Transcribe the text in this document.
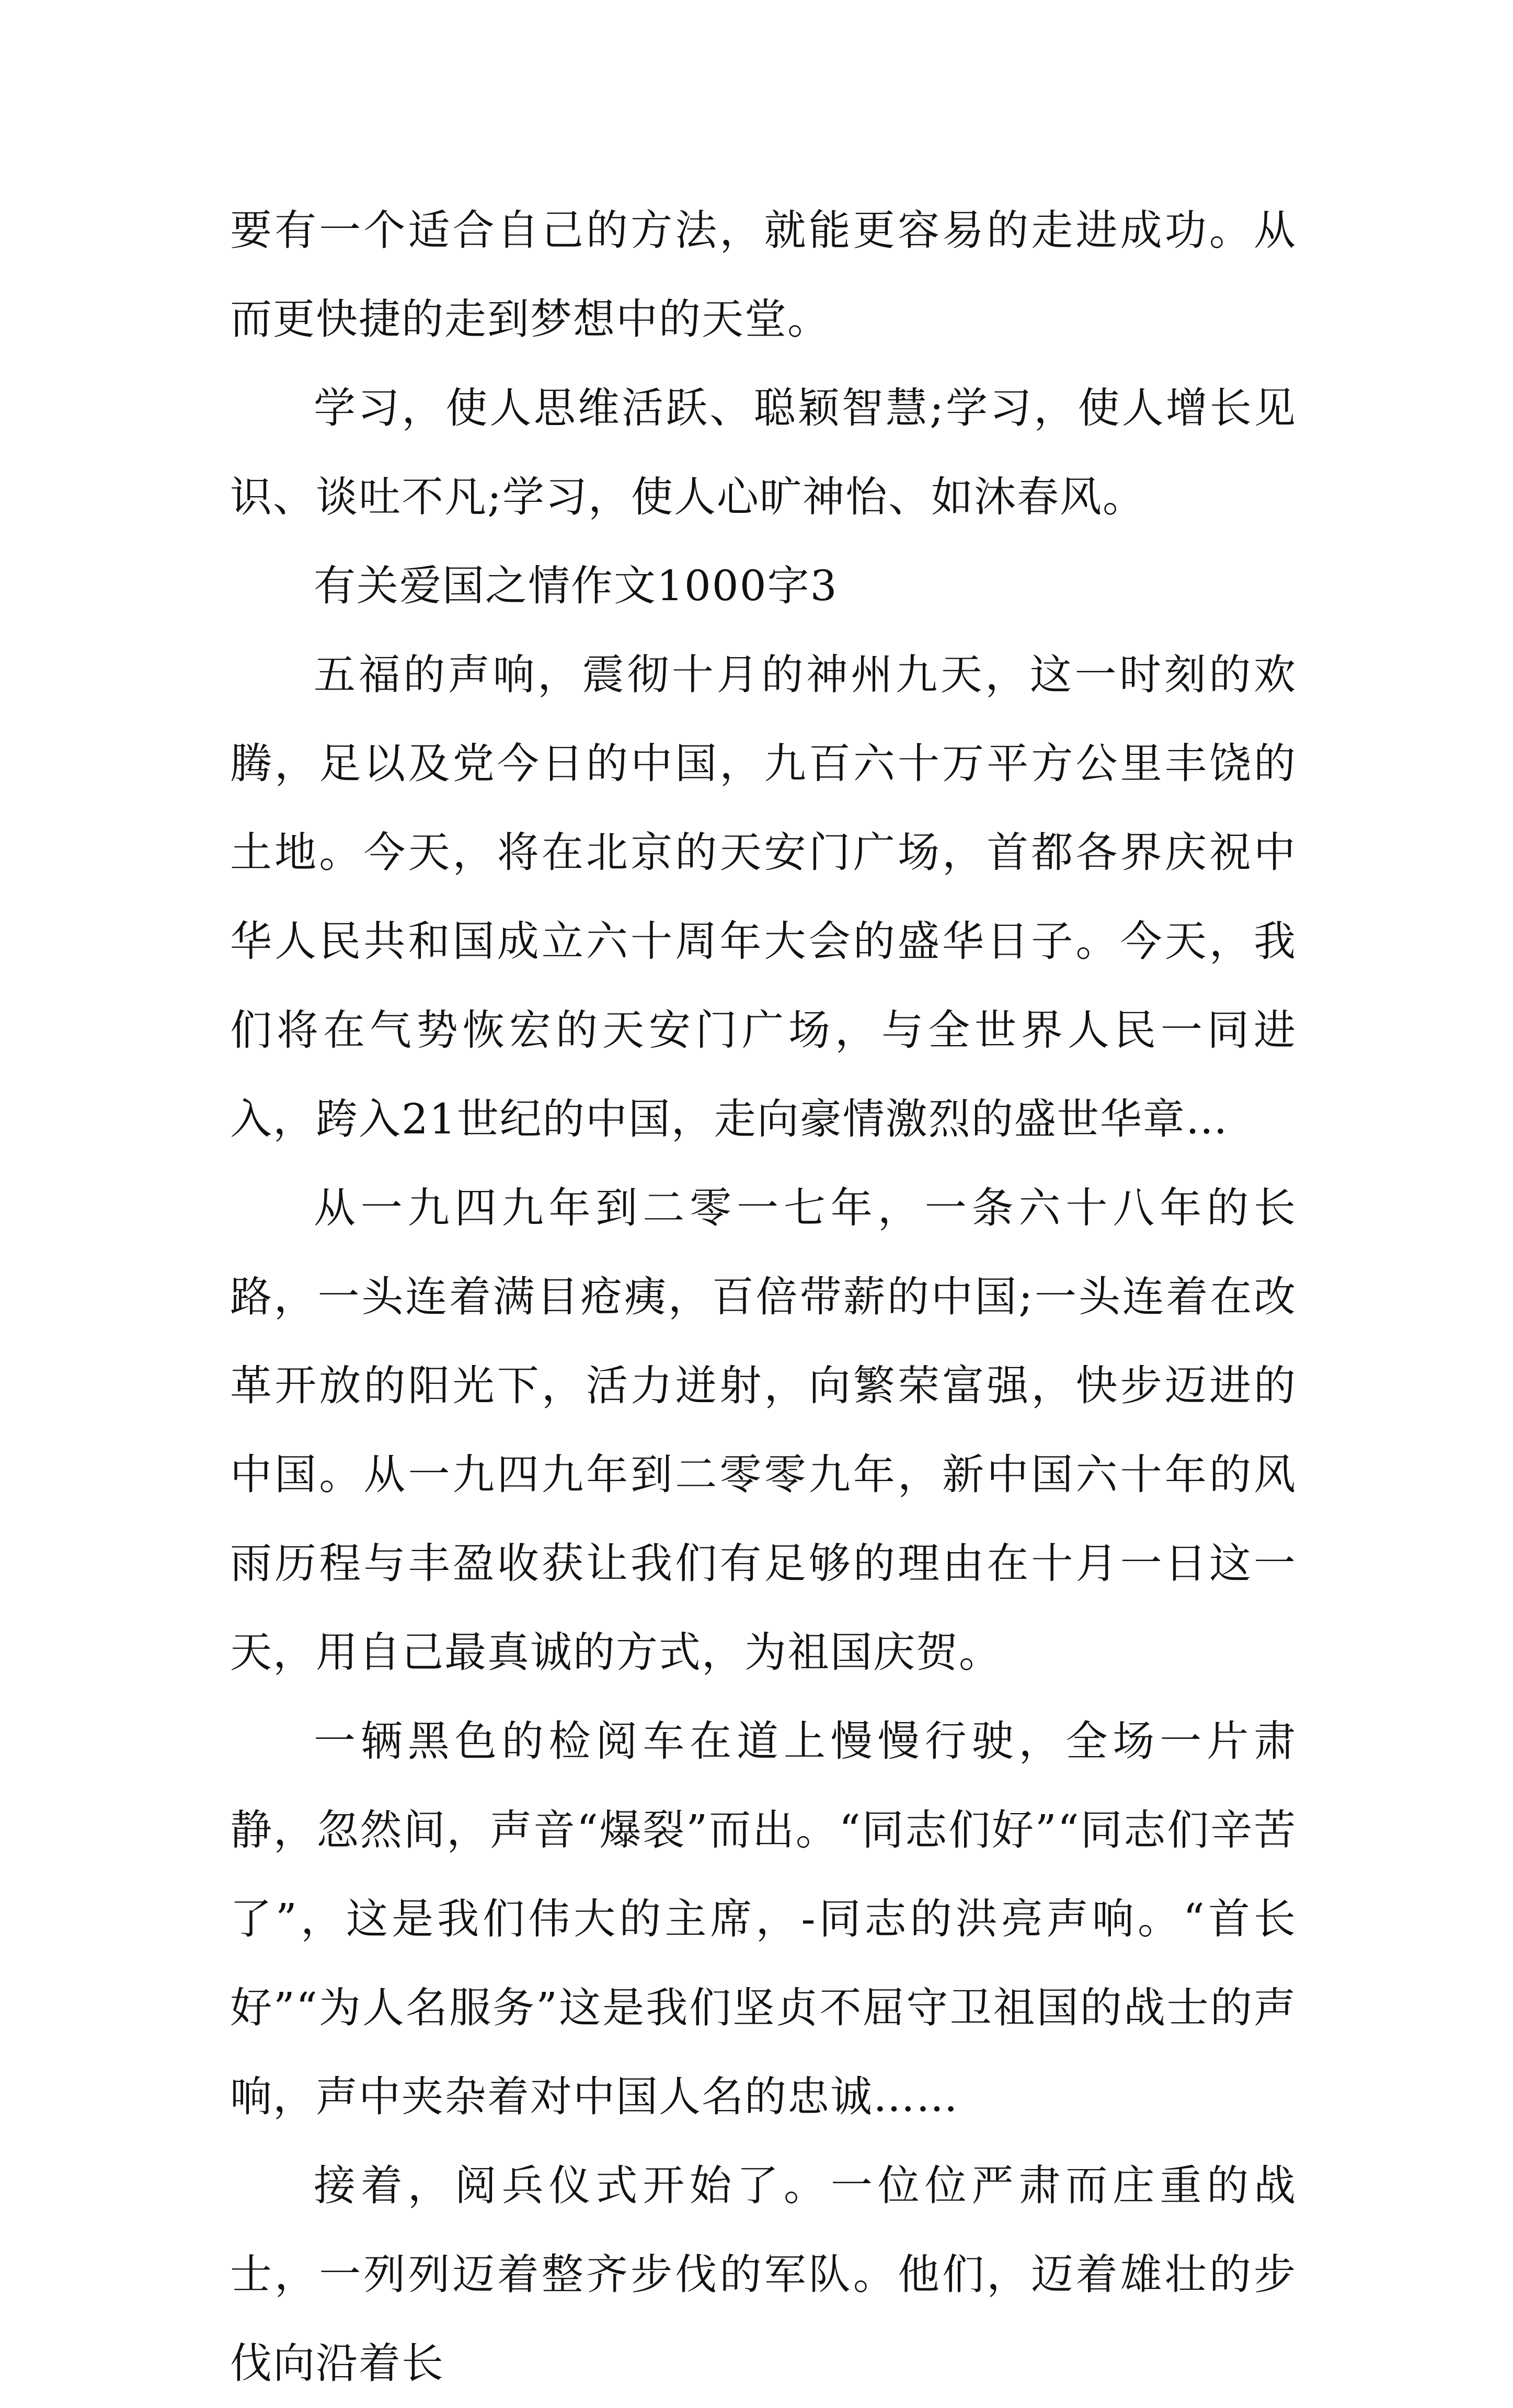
要有一个适合自己的方法，就能更容易的走进成功。从而更快捷的走到梦想中的天堂。

学习，使人思维活跃、聪颖智慧;学习，使人增长见识、谈吐不凡;学习，使人心旷神怡、如沐春风。

有关爱国之情作文1000字3

五福的声响，震彻十月的神州九天，这一时刻的欢腾，足以及党今日的中国，九百六十万平方公里丰饶的土地。今天，将在北京的天安门广场，首都各界庆祝中华人民共和国成立六十周年大会的盛华日子。今天，我们将在气势恢宏的天安门广场，与全世界人民一同进入，跨入21世纪的中国，走向豪情激烈的盛世华章…

从一九四九年到二零一七年，一条六十八年的长路，一头连着满目疮痍，百倍带薪的中国;一头连着在改革开放的阳光下，活力迸射，向繁荣富强，快步迈进的中国。从一九四九年到二零零九年，新中国六十年的风雨历程与丰盈收获让我们有足够的理由在十月一日这一天，用自己最真诚的方式，为祖国庆贺。

一辆黑色的检阅车在道上慢慢行驶，全场一片肃静，忽然间，声音“爆裂”而出。“同志们好”“同志们辛苦了”，这是我们伟大的主席，-同志的洪亮声响。“首长好”“为人名服务”这是我们坚贞不屈守卫祖国的战士的声响，声中夹杂着对中国人名的忠诚……

接着，阅兵仪式开始了。一位位严肃而庄重的战士，一列列迈着整齐步伐的军队。他们，迈着雄壮的步伐向沿着长
